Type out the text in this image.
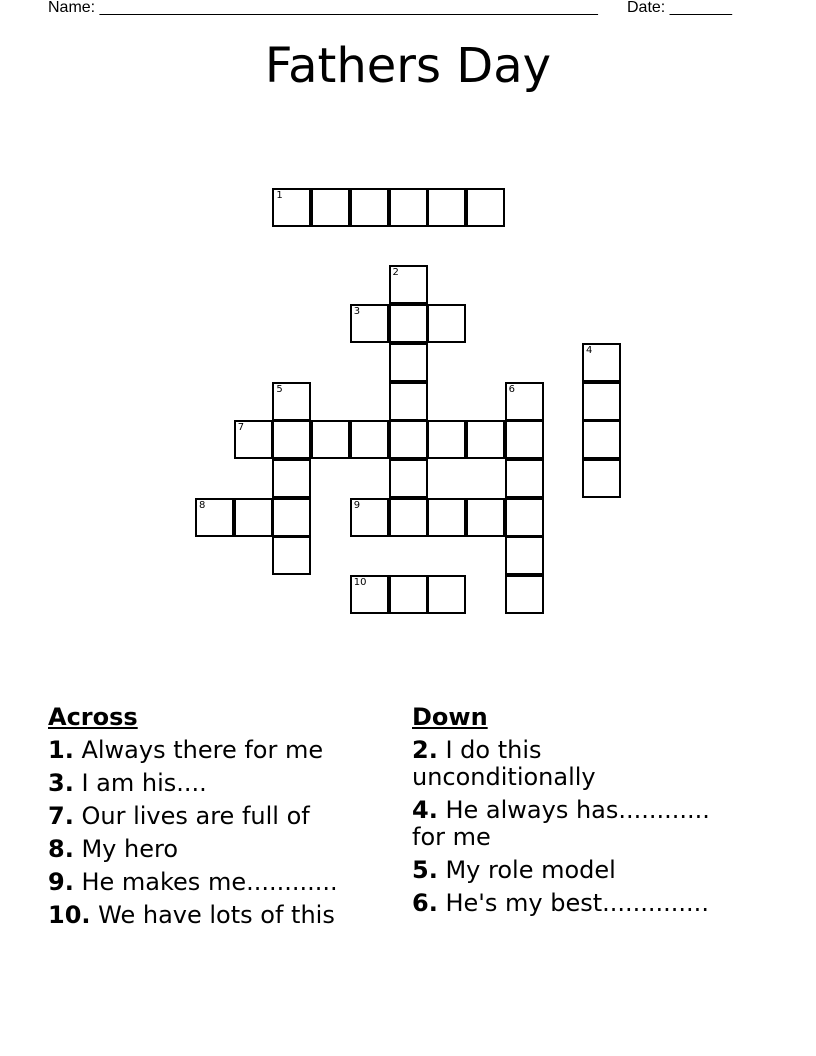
Name: ________________________________________________________ Date: _______
Fathers Day
1
2
3
4
5	6
7
8	9
10
Across
1. Always there for me
3. I am his....
7. Our lives are full of
8. My hero
9. He makes me............
10. We have lots of this
Down
2. I do this unconditionally
4. He always has............ for me
5. My role model
6. He's my best..............
